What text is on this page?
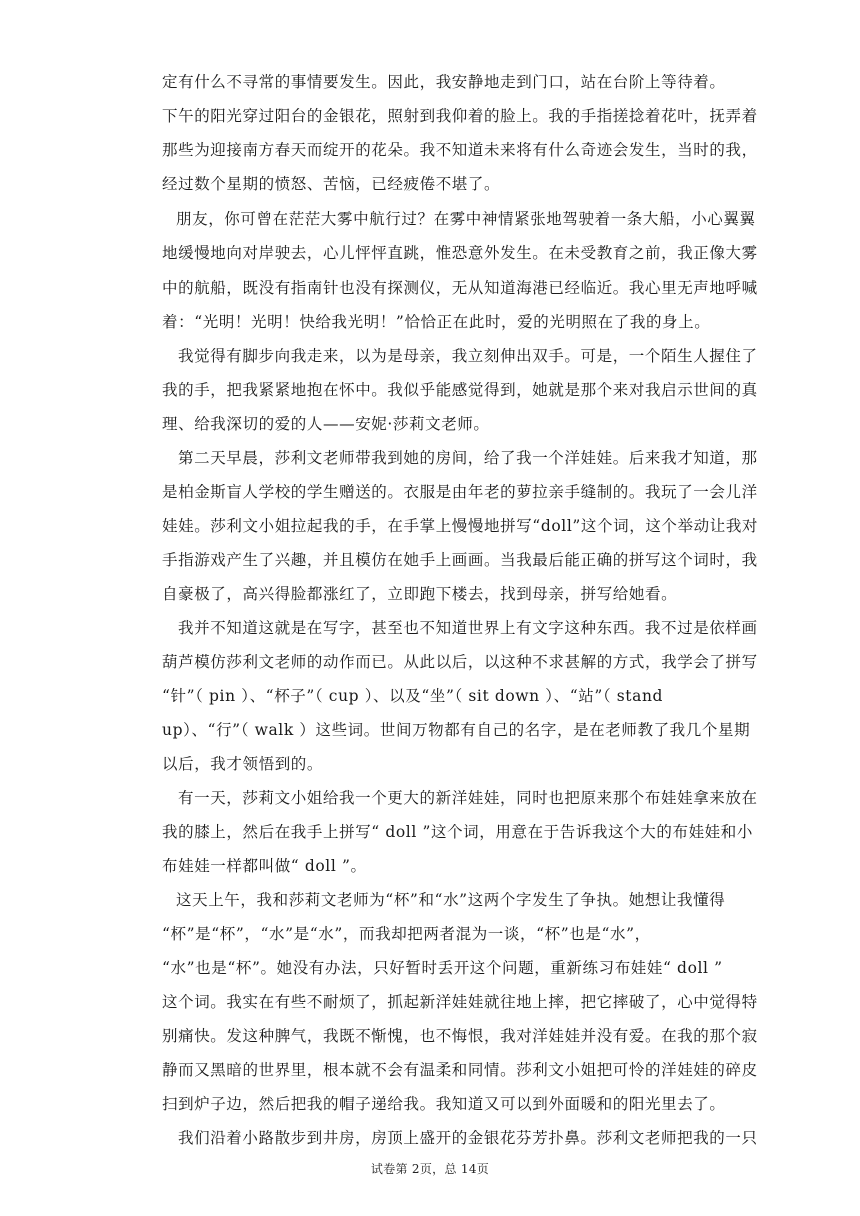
定有什么不寻常的事情要发生。因此，我安静地走到门口，站在台阶上等待着。
下午的阳光穿过阳台的金银花，照射到我仰着的脸上。我的手指搓捻着花叶，抚弄着
那些为迎接南方春天而绽开的花朵。我不知道未来将有什么奇迹会发生，当时的我，
经过数个星期的愤怒、苦恼，已经疲倦不堪了。
朋友，你可曾在茫茫大雾中航行过？在雾中神情紧张地驾驶着一条大船，小心翼翼
地缓慢地向对岸驶去，心儿怦怦直跳，惟恐意外发生。在未受教育之前，我正像大雾
中的航船，既没有指南针也没有探测仪，无从知道海港已经临近。我心里无声地呼喊
着：“光明！光明！快给我光明！”恰恰正在此时，爱的光明照在了我的身上。
我觉得有脚步向我走来，以为是母亲，我立刻伸出双手。可是，一个陌生人握住了
我的手，把我紧紧地抱在怀中。我似乎能感觉得到，她就是那个来对我启示世间的真
理、给我深切的爱的人——安妮·莎莉文老师。
第二天早晨，莎利文老师带我到她的房间，给了我一个洋娃娃。后来我才知道，那
是柏金斯盲人学校的学生赠送的。衣服是由年老的萝拉亲手缝制的。我玩了一会儿洋
娃娃。莎利文小姐拉起我的手，在手掌上慢慢地拼写“doll”这个词，这个举动让我对
手指游戏产生了兴趣，并且模仿在她手上画画。当我最后能正确的拼写这个词时，我
自豪极了，高兴得脸都涨红了，立即跑下楼去，找到母亲，拼写给她看。
我并不知道这就是在写字，甚至也不知道世界上有文字这种东西。我不过是依样画
葫芦模仿莎利文老师的动作而已。从此以后，以这种不求甚解的方式，我学会了拼写
“针”（ pin ）、“杯子”（ cup ）、以及“坐”（ sit down ）、“站”（ stand
up）、“行”（ walk ）这些词。世间万物都有自己的名字，是在老师教了我几个星期
以后，我才领悟到的。
有一天，莎莉文小姐给我一个更大的新洋娃娃，同时也把原来那个布娃娃拿来放在
我的膝上，然后在我手上拼写“ doll ”这个词，用意在于告诉我这个大的布娃娃和小
布娃娃一样都叫做“ doll ”。
这天上午，我和莎莉文老师为“杯”和“水”这两个字发生了争执。她想让我懂得
“杯”是“杯”，“水”是“水”，而我却把两者混为一谈，“杯”也是“水”，
“水”也是“杯”。她没有办法，只好暂时丢开这个问题，重新练习布娃娃“ doll ”
这个词。我实在有些不耐烦了，抓起新洋娃娃就往地上摔，把它摔破了，心中觉得特
别痛快。发这种脾气，我既不惭愧，也不悔恨，我对洋娃娃并没有爱。在我的那个寂
静而又黑暗的世界里，根本就不会有温柔和同情。莎利文小姐把可怜的洋娃娃的碎皮
扫到炉子边，然后把我的帽子递给我。我知道又可以到外面暖和的阳光里去了。
我们沿着小路散步到井房，房顶上盛开的金银花芬芳扑鼻。莎利文老师把我的一只
试卷第 2页，总 14页
